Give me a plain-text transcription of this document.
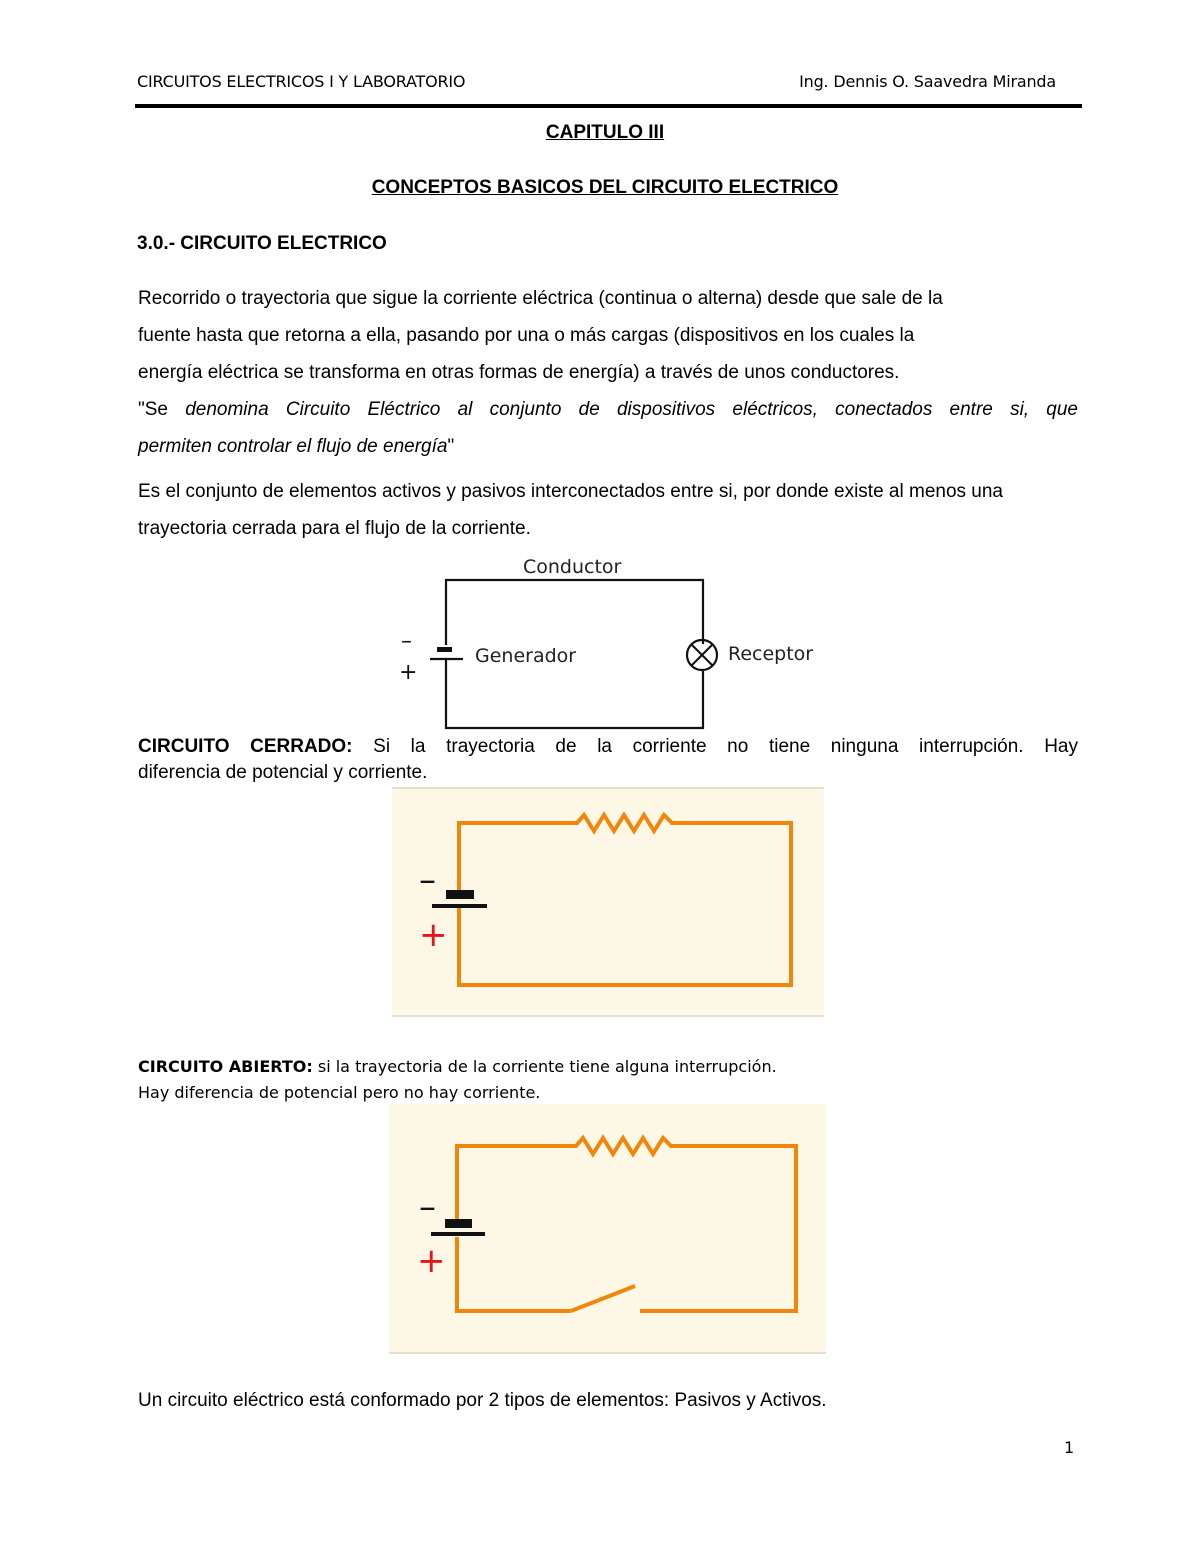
CIRCUITOS ELECTRICOS I Y LABORATORIO	Ing. Dennis O. Saavedra Miranda
CAPITULO III
CONCEPTOS BASICOS DEL CIRCUITO ELECTRICO
3.0.- CIRCUITO ELECTRICO
Recorrido o trayectoria que sigue la corriente eléctrica (continua o alterna) desde que sale de la
fuente hasta que retorna a ella, pasando por una o más cargas (dispositivos en los cuales la
energía eléctrica se transforma en otras formas de energía) a través de unos conductores.
"Se denomina Circuito Eléctrico al conjunto de dispositivos eléctricos, conectados entre si, que
permiten controlar el flujo de energía"
Es el conjunto de elementos activos y pasivos interconectados entre si, por donde existe al menos una
trayectoria cerrada para el flujo de la corriente.
Conductor
–
+
Generador	Receptor
CIRCUITO CERRADO: Si la trayectoria de la corriente no tiene ninguna interrupción. Hay
diferencia de potencial y corriente.
–
+
CIRCUITO ABIERTO: si la trayectoria de la corriente tiene alguna interrupción.
Hay diferencia de potencial pero no hay corriente.
–
+
Un circuito eléctrico está conformado por 2 tipos de elementos: Pasivos y Activos.
1
